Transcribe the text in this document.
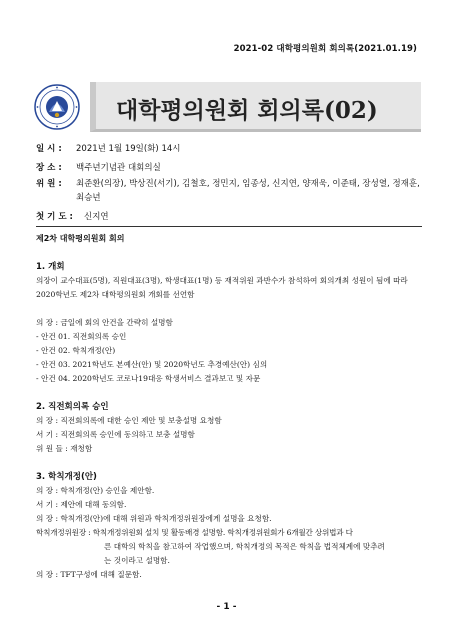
2021-02 대학평의원회 회의록(2021.01.19)
대학평의원회 회의록(02)
일 시 : 2021년 1월 19일(화) 14시
장 소 : 백주년기념관 대회의실
위 원 : 최준환(의장), 박상진(서기), 김철호, 정민지, 임종성, 신지연, 양재욱, 이준태, 장성열, 정재훈, 최승년
첫 기 도 : 신지연
제2차 대학평의원회 회의
1. 개회
의장이 교수대표(5명), 직원대표(3명), 학생대표(1명) 등 재적위원 과반수가 참석하여 회의개최 성원이 됨에 따라 2020학년도 제2차 대학평의원회 개회를 선언함
의 장 : 금일에 회의 안건을 간략히 설명함
- 안건 01. 직전회의록 승인
- 안건 02. 학칙개정(안)
- 안건 03. 2021학년도 본예산(안) 및 2020학년도 추경예산(안) 심의
- 안건 04. 2020학년도 코로나19대응 학생서비스 결과보고 및 자문
2. 직전회의록 승인
의 장 : 직전회의록에 대한 승인 제안 및 보충설명 요청함
서 기 : 직전회의록 승인에 동의하고 보충 설명함
위 원 들 : 재청함
3. 학칙개정(안)
의 장 : 학칙개정(안) 승인을 제안함.
서 기 : 제안에 대해 동의함.
의 장 : 학칙개정(안)에 대해 위원과 학칙개정위원장에게 설명을 요청함.
학칙개정위원장 : 학칙개정위원회 설치 및 활동배경 설명함. 학칙개정위원회가 6개월간 상위법과 다
른 대학의 학칙을 참고하여 작업했으며, 학칙개정의 목적은 학칙을 법적체계에 맞추려
는 것이라고 설명함.
의 장 : TFT구성에 대해 질문함.
- 1 -
